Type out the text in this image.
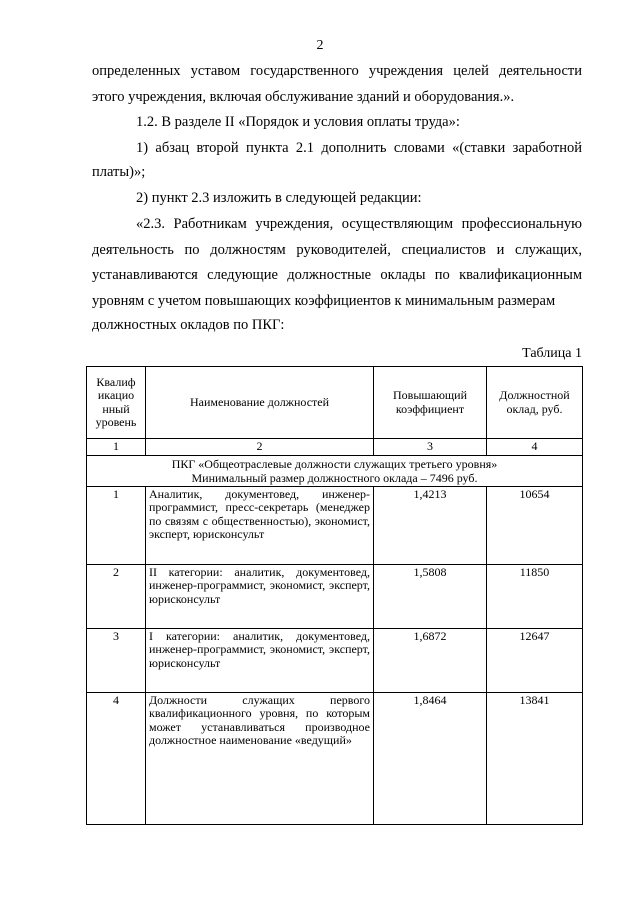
2
определенных уставом государственного учреждения целей деятельности
этого учреждения, включая обслуживание зданий и оборудования.».
1.2. В разделе II «Порядок и условия оплаты труда»:
1) абзац второй пункта 2.1 дополнить словами «(ставки заработной
платы)»;
2) пункт 2.3 изложить в следующей редакции:
«2.3. Работникам учреждения, осуществляющим профессиональную деятельность по должностям руководителей, специалистов и служащих, устанавливаются следующие должностные оклады по квалификационным уровням с учетом повышающих коэффициентов к минимальным размерам
должностных окладов по ПКГ:
Таблица 1
Квалиф икацио нный уровень	Наименование должностей	Повышающий коэффициент	Должностной оклад, руб.
1	2	3	4

ПКГ «Общеотраслевые должности служащих третьего уровня»
Минимальный размер должностного оклада – 7496 руб.			

1	Аналитик, документовед, инженер-программист, пресс-секретарь (менеджер по связям с общественностью), экономист, эксперт, юрисконсульт	1,4213	10654
2	II категории: аналитик, документовед, инженер-программист, экономист, эксперт, юрисконсульт	1,5808	11850
3	I категории: аналитик, документовед, инженер-программист, экономист, эксперт, юрисконсульт	1,6872	12647
4	Должности служащих первого квалификационного уровня, по которым может устанавливаться производное должностное наименование «ведущий»	1,8464	13841
